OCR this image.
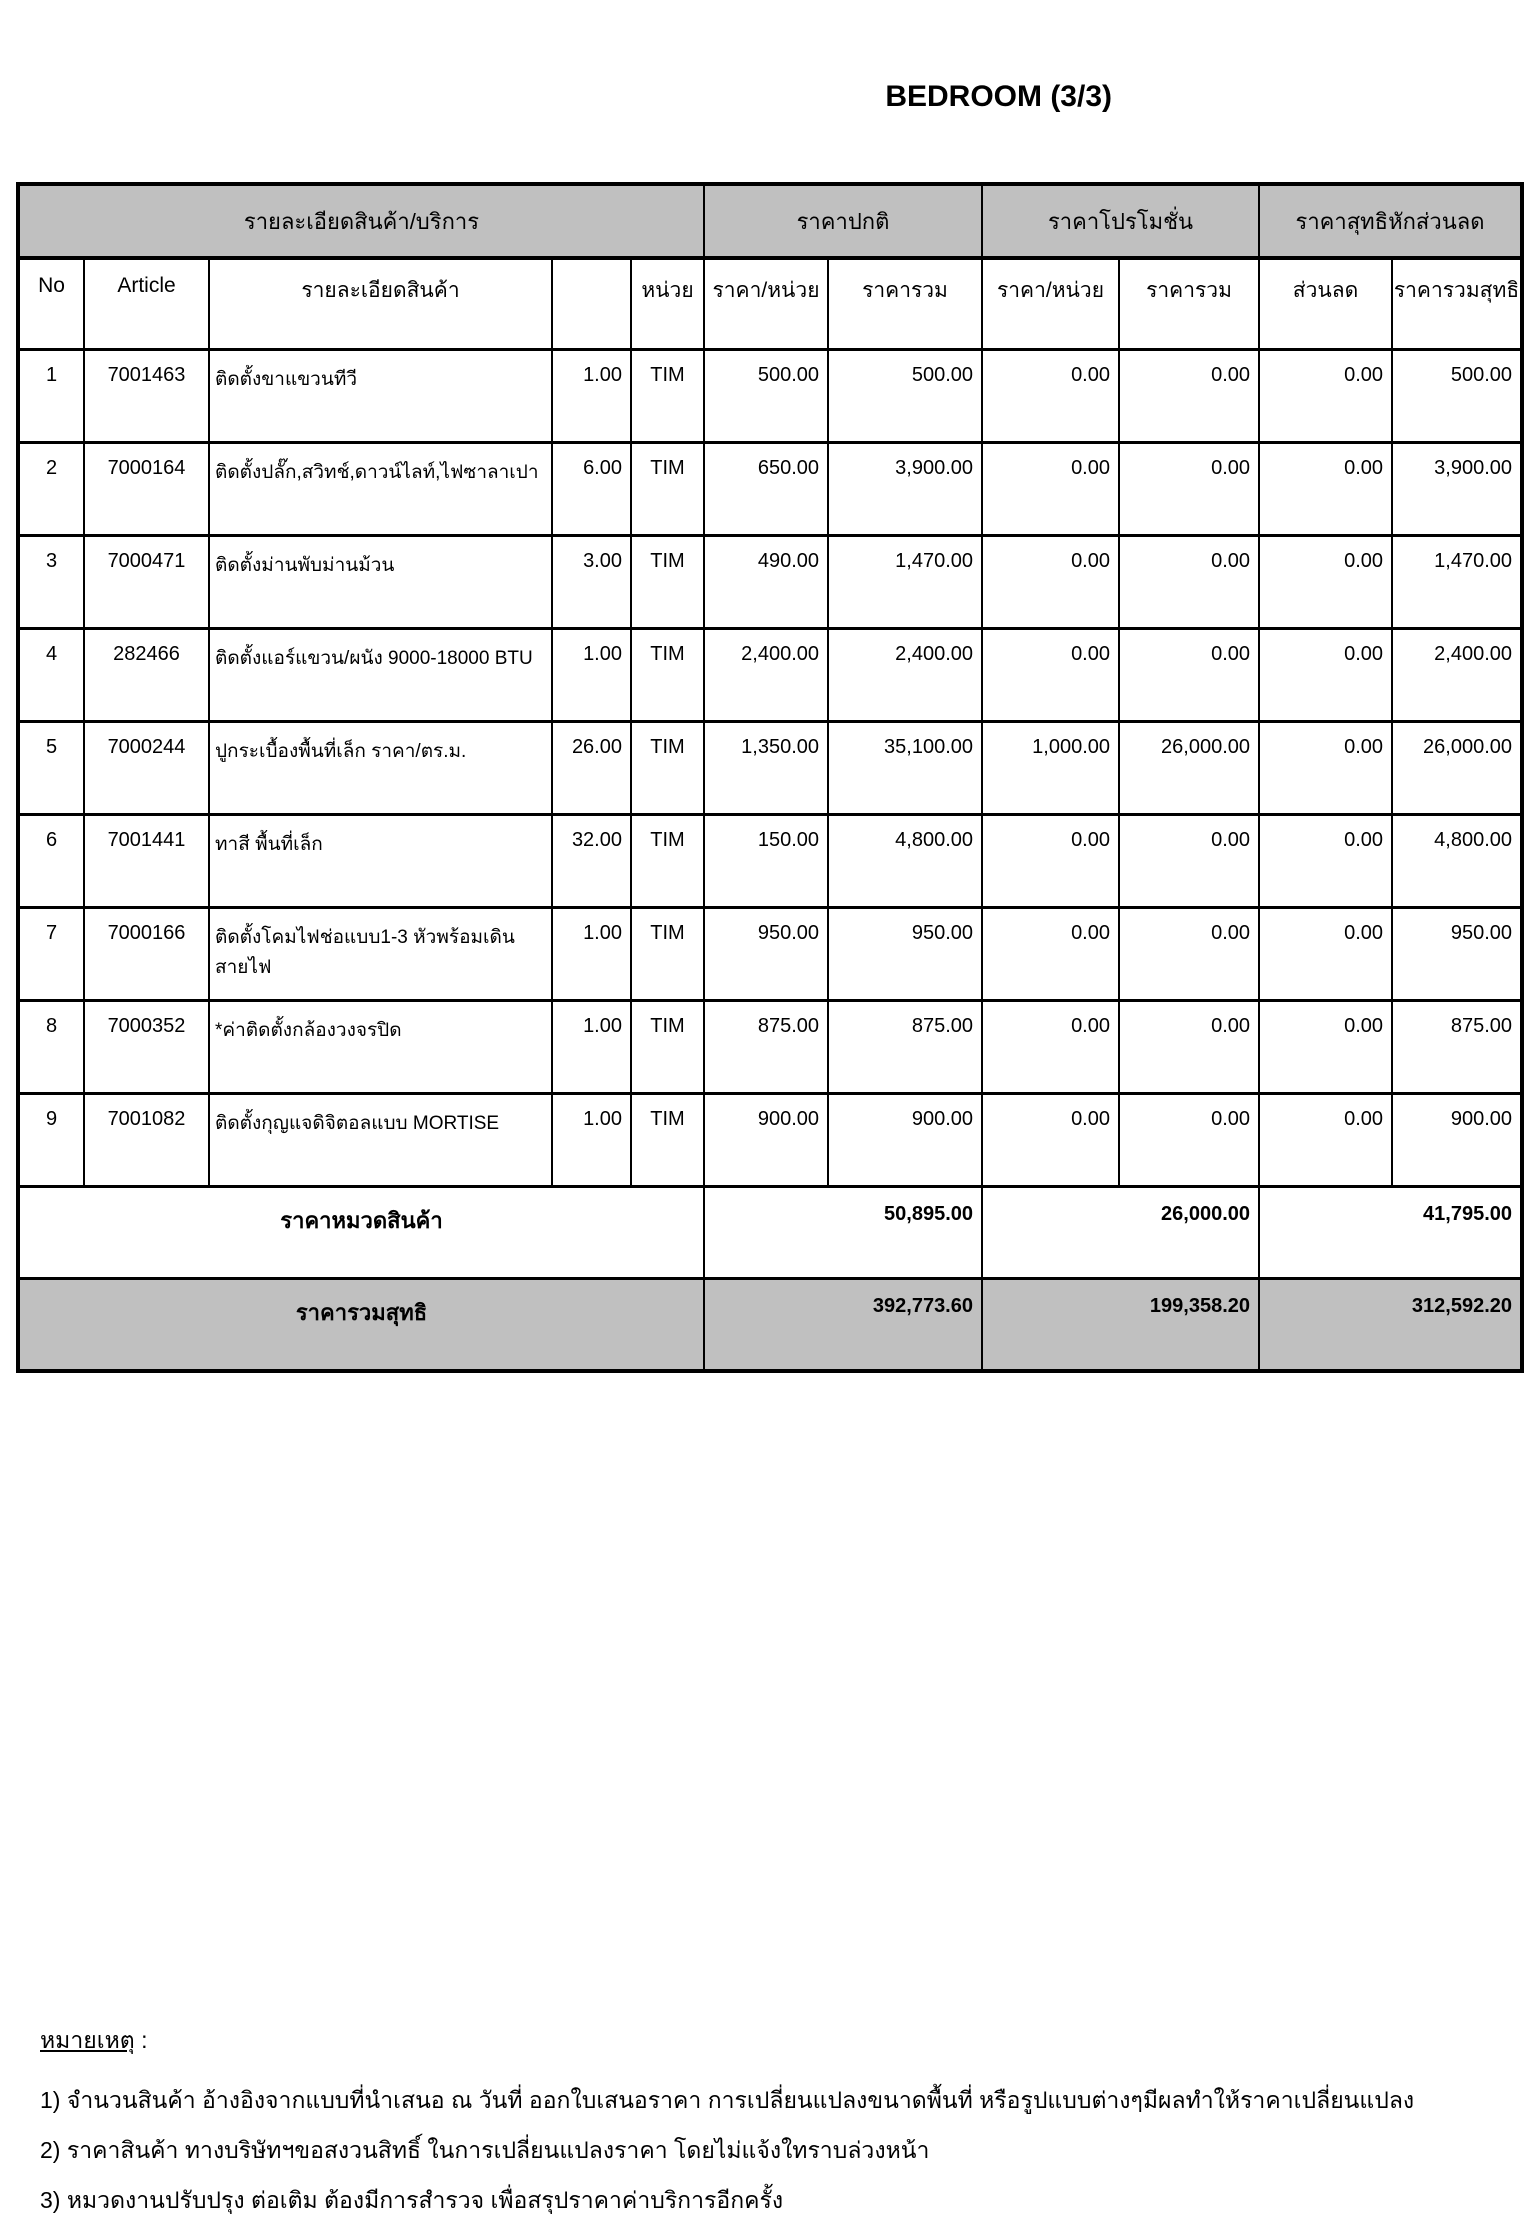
BEDROOM (3/3)
รายละเอียดสินค้า/บริการ					ราคาปกติ		ราคาโปรโมชั่น		ราคาสุทธิหักส่วนลด	
No	Article	รายละเอียดสินค้า		หน่วย	ราคา/หน่วย	ราคารวม	ราคา/หน่วย	ราคารวม	ส่วนลด	ราคารวมสุทธิ
1	7001463	ติดตั้งขาแขวนทีวี	1.00	TIM	500.00	500.00	0.00	0.00	0.00	500.00
2	7000164	ติดตั้งปลั๊ก,สวิทช์,ดาวน์ไลท์,ไฟซาลาเปา	6.00	TIM	650.00	3,900.00	0.00	0.00	0.00	3,900.00
3	7000471	ติดตั้งม่านพับม่านม้วน	3.00	TIM	490.00	1,470.00	0.00	0.00	0.00	1,470.00
4	282466	ติดตั้งแอร์แขวน/ผนัง 9000-18000 BTU	1.00	TIM	2,400.00	2,400.00	0.00	0.00	0.00	2,400.00
5	7000244	ปูกระเบื้องพื้นที่เล็ก ราคา/ตร.ม.	26.00	TIM	1,350.00	35,100.00	1,000.00	26,000.00	0.00	26,000.00
6	7001441	ทาสี พื้นที่เล็ก	32.00	TIM	150.00	4,800.00	0.00	0.00	0.00	4,800.00
7	7000166	ติดตั้งโคมไฟช่อแบบ1-3 หัวพร้อมเดินสายไฟ	1.00	TIM	950.00	950.00	0.00	0.00	0.00	950.00
8	7000352	*ค่าติดตั้งกล้องวงจรปิด	1.00	TIM	875.00	875.00	0.00	0.00	0.00	875.00
9	7001082	ติดตั้งกุญแจดิจิตอลแบบ MORTISE	1.00	TIM	900.00	900.00	0.00	0.00	0.00	900.00
ราคาหมวดสินค้า					50,895.00		26,000.00		41,795.00	
ราคารวมสุทธิ					392,773.60		199,358.20		312,592.20	
หมายเหตุ :
1) จำนวนสินค้า อ้างอิงจากแบบที่นำเสนอ ณ วันที่ ออกใบเสนอราคา การเปลี่ยนแปลงขนาดพื้นที่ หรือรูปแบบต่างๆมีผลทำให้ราคาเปลี่ยนแปลง
2) ราคาสินค้า ทางบริษัทฯขอสงวนสิทธิ์ ในการเปลี่ยนแปลงราคา โดยไม่แจ้งใทราบล่วงหน้า
3) หมวดงานปรับปรุง ต่อเติม ต้องมีการสำรวจ เพื่อสรุปราคาค่าบริการอีกครั้ง
